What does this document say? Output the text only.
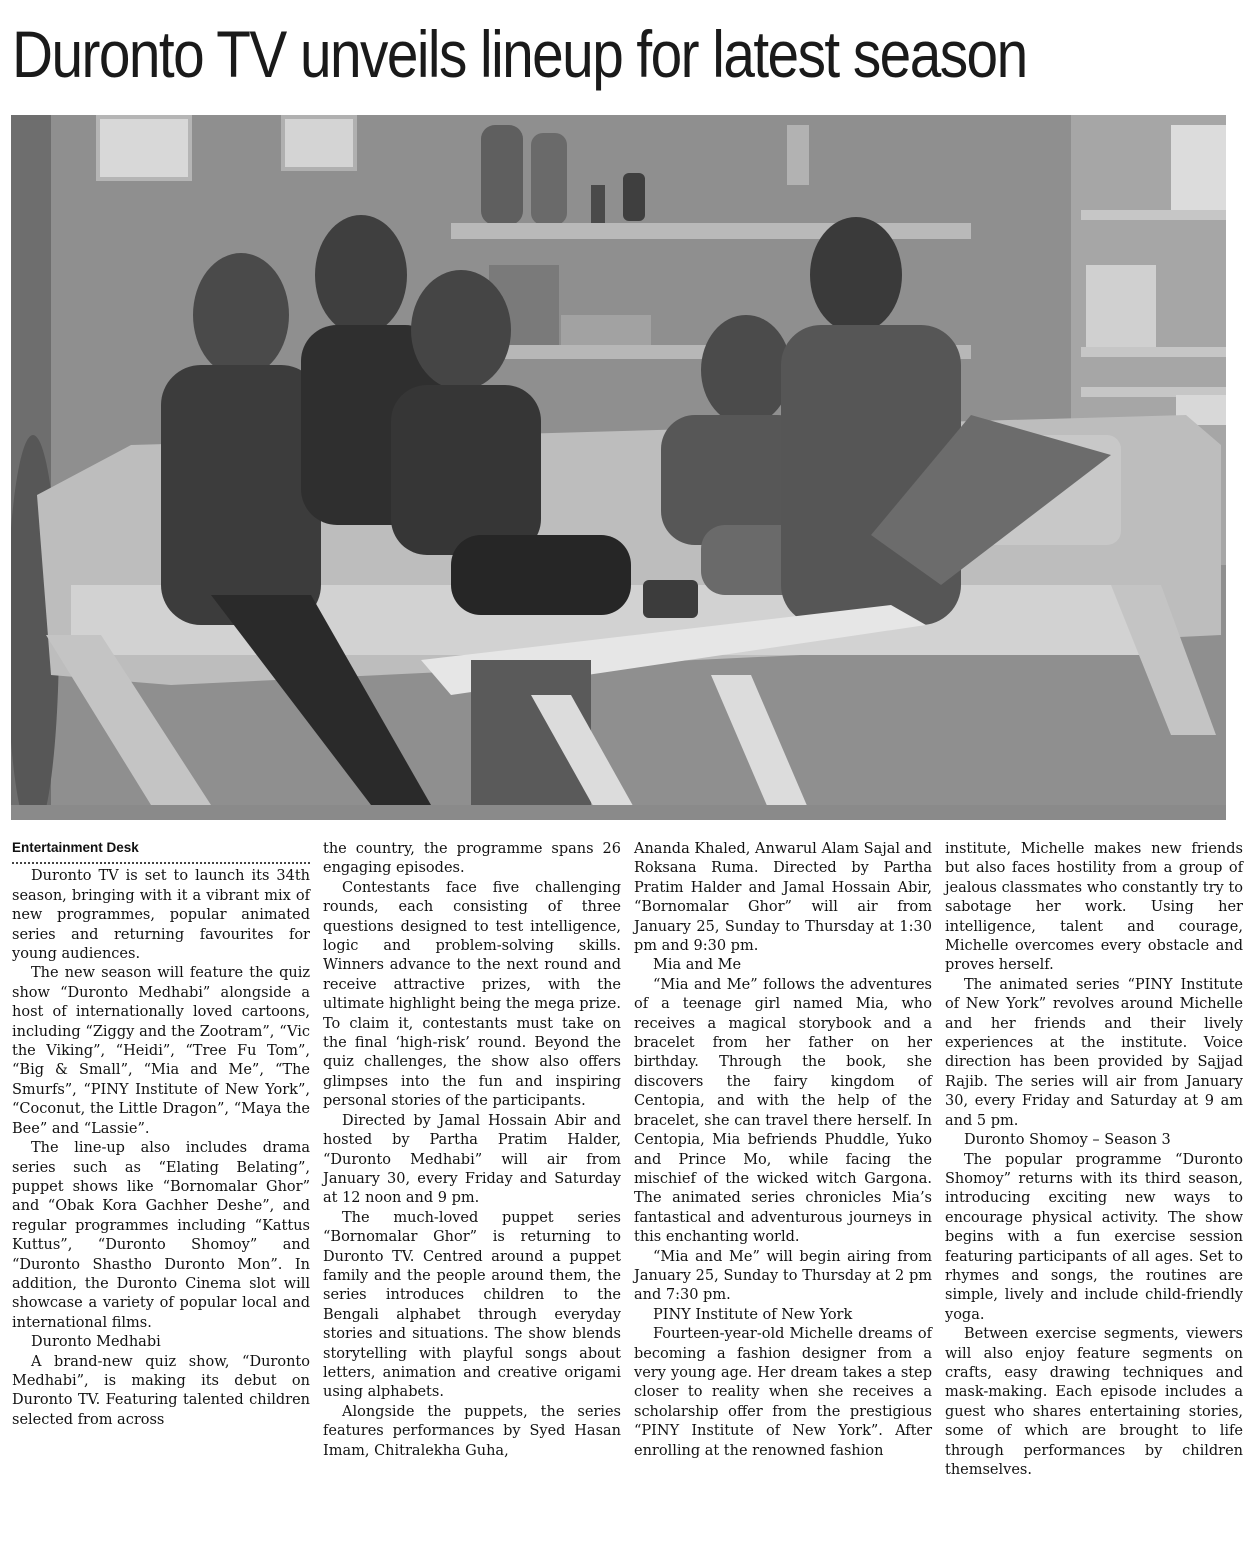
Duronto TV unveils lineup for latest season
Entertainment Desk

Duronto TV is set to launch its 34th season, bringing with it a vibrant mix of new programmes, popular animated series and returning favourites for young audiences.

The new season will feature the quiz show “Duronto Medhabi” alongside a host of internationally loved cartoons, including “Ziggy and the Zootram”, “Vic the Viking”, “Heidi”, “Tree Fu Tom”, “Big & Small”, “Mia and Me”, “The Smurfs”, “PINY Institute of New York”, “Coconut, the Little Dragon”, “Maya the Bee” and “Lassie”.

The line-up also includes drama series such as “Elating Belating”, puppet shows like “Bornomalar Ghor” and “Obak Kora Gachher Deshe”, and regular programmes including “Kattus Kuttus”, “Duronto Shomoy” and “Duronto Shastho Duronto Mon”. In addition, the Duronto Cinema slot will showcase a variety of popular local and international films.

Duronto Medhabi

A brand-new quiz show, “Duronto Medhabi”, is making its debut on Duronto TV. Featuring talented children selected from across

the country, the programme spans 26 engaging episodes.

Contestants face five challenging rounds, each consisting of three questions designed to test intelligence, logic and problem-solving skills. Winners advance to the next round and receive attractive prizes, with the ultimate highlight being the mega prize. To claim it, contestants must take on the final ‘high-risk’ round. Beyond the quiz challenges, the show also offers glimpses into the fun and inspiring personal stories of the participants.

Directed by Jamal Hossain Abir and hosted by Partha Pratim Halder, “Duronto Medhabi” will air from January 30, every Friday and Saturday at 12 noon and 9 pm.

The much-loved puppet series “Bornomalar Ghor” is returning to Duronto TV. Centred around a puppet family and the people around them, the series introduces children to the Bengali alphabet through everyday stories and situations. The show blends storytelling with playful songs about letters, animation and creative origami using alphabets.

Alongside the puppets, the series features performances by Syed Hasan Imam, Chitralekha Guha,

Ananda Khaled, Anwarul Alam Sajal and Roksana Ruma. Directed by Partha Pratim Halder and Jamal Hossain Abir, “Bornomalar Ghor” will air from January 25, Sunday to Thursday at 1:30 pm and 9:30 pm.

Mia and Me

“Mia and Me” follows the adventures of a teenage girl named Mia, who receives a magical storybook and a bracelet from her father on her birthday. Through the book, she discovers the fairy kingdom of Centopia, and with the help of the bracelet, she can travel there herself. In Centopia, Mia befriends Phuddle, Yuko and Prince Mo, while facing the mischief of the wicked witch Gargona. The animated series chronicles Mia’s fantastical and adventurous journeys in this enchanting world.

“Mia and Me” will begin airing from January 25, Sunday to Thursday at 2 pm and 7:30 pm.

PINY Institute of New York

Fourteen-year-old Michelle dreams of becoming a fashion designer from a very young age. Her dream takes a step closer to reality when she receives a scholarship offer from the prestigious “PINY Institute of New York”. After enrolling at the renowned fashion

institute, Michelle makes new friends but also faces hostility from a group of jealous classmates who constantly try to sabotage her work. Using her intelligence, talent and courage, Michelle overcomes every obstacle and proves herself.

The animated series “PINY Institute of New York” revolves around Michelle and her friends and their lively experiences at the institute. Voice direction has been provided by Sajjad Rajib. The series will air from January 30, every Friday and Saturday at 9 am and 5 pm.

Duronto Shomoy – Season 3

The popular programme “Duronto Shomoy” returns with its third season, introducing exciting new ways to encourage physical activity. The show begins with a fun exercise session featuring participants of all ages. Set to rhymes and songs, the routines are simple, lively and include child-friendly yoga.

Between exercise segments, viewers will also enjoy feature segments on crafts, easy drawing techniques and mask-making. Each episode includes a guest who shares entertaining stories, some of which are brought to life through performances by children themselves.
